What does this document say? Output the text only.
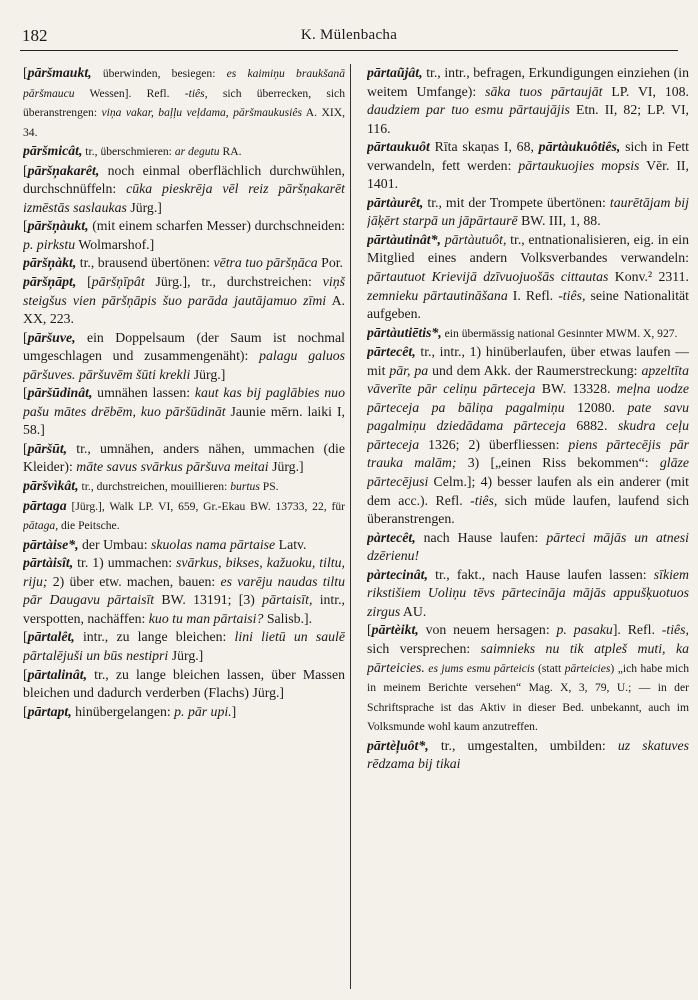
182	K. Mülenbacha

[pāršmaukt, überwinden, besiegen: es kaimiņu braukšanā pāršmaucu Wessen]. Refl. -tiês, sich überrecken, sich überanstrengen: viņa vakar, baļļu veļdama, pāršmaukusiês A. XIX, 34.

pāršmicât, tr., überschmieren: ar degutu RA.

[pāršņakarêt, noch einmal oberflächlich durchwühlen, durchschnüffeln: cūka pieskrēja vēl reiz pāršņakarēt izmēstās saslaukas Jürg.]

[pāršņàukt, (mit einem scharfen Messer) durchschneiden: p. pirkstu Wolmarshof.]

pāršņàkt, tr., brausend übertönen: vētra tuo pāršņāca Por.

pāršņāpt, [pāršņīpât Jürg.], tr., durchstreichen: viņš steigšus vien pāršņāpis šuo parāda jautājamuo zīmi A. XX, 223.

[pāršuve, ein Doppelsaum (der Saum ist nochmal umgeschlagen und zusammengenäht): palagu galuos pāršuves. pāršuvēm šūti kreklі Jürg.]

[pāršūdinât, umnähen lassen: kaut kas bij paglābies nuo pašu mātes drēbēm, kuo pāršūdināt Jaunie mērn. laiki I, 58.]

[pāršūt, tr., umnähen, anders nähen, ummachen (die Kleider): māte savus svārkus pāršuva meitai Jürg.]

pāršvìkât, tr., durchstreichen, mouillieren: burtus PS.

pārtaga [Jürg.], Walk LP. VI, 659, Gr.-Ekau BW. 13733, 22, für pātaga, die Peitsche.

pārtàise*, der Umbau: skuolas nama pārtaise Latv.

pārtàisît, tr. 1) ummachen: svārkus, bikses, kažuoku, tiltu, riju; 2) über etw. machen, bauen: es varēju naudas tiltu pār Daugavu pārtaisīt BW. 13191; [3) pārtaisīt, intr., verspotten, nachäffen: kuo tu man pārtaisi? Salisb.].

[pārtalêt, intr., zu lange bleichen: lini lietū un saulē pārtalējuši un būs nestipri Jürg.]

[pārtalinât, tr., zu lange bleichen lassen, über Massen bleichen und dadurch verderben (Flachs) Jürg.]

[pārtapt, hinübergelangen: p. pār upi.]

pārtaũjât, tr., intr., befragen, Erkundigungen einziehen (in weitem Umfange): sāka tuos pārtaujāt LP. VI, 108. daudziem par tuo esmu pārtaujājis Etn. II, 82; LP. VI, 116.

pārtaukuôt Rīta skaņas I, 68, pārtàukuôtiês, sich in Fett verwandeln, fett werden: pārtaukuojies mopsis Vēr. II, 1401.

pārtàurêt, tr., mit der Trompete übertönen: taurētājam bij jāķērt starpā un jāpārtaurē BW. III, 1, 88.

pārtàutinât*, pārtàutuôt, tr., entnationalisieren, eig. in ein Mitglied eines andern Volksverbandes verwandeln: pārtautuot Krievijā dzīvuojuošās cittautas Konv.² 2311. zemnieku pārtautināšana I. Refl. -tiês, seine Nationalität aufgeben.

pārtàutiētis*, ein übermässig national Gesinnter MWM. X, 927.

pārtecêt, tr., intr., 1) hinüberlaufen, über etwas laufen — mit pār, pa und dem Akk. der Raumerstreckung: apzeltīta vāverīte pār celiņu pārteceja BW. 13328. meļna uodze pārteceja pa bāliņa pagalmiņu 12080. pate savu pagalmiņu dziedādama pārteceja 6882. skudra ceļu pārteceja 1326; 2) überfliessen: piens pārtecējis pār trauka malām; 3) [„einen Riss bekommen“: glāze pārtecējusi Celm.]; 4) besser laufen als ein anderer (mit dem acc.). Refl. -tiês, sich müde laufen, laufend sich überanstrengen.

pàrtecêt, nach Hause laufen: pārteci mājās un atnesi dzērienu!

pàrtecinât, tr., fakt., nach Hause laufen lassen: sīkiem rikstišiem Uoliņu tēvs pārtecināja mājās appušķuotuos zirgus AU.

[pārtèikt, von neuem hersagen: p. pasaku]. Refl. -tiês, sich versprechen: saimnieks nu tik atpleš muti, ka pārteicies. es jums esmu pārteicis (statt pārteicies) „ich habe mich in meinem Berichte versehen“ Mag. X, 3, 79, U.; — in der Schriftsprache ist das Aktiv in dieser Bed. unbekannt, auch im Volksmunde wohl kaum anzutreffen.

pārtèļuôt*, tr., umgestalten, umbilden: uz skatuves rēdzama bij tikai
